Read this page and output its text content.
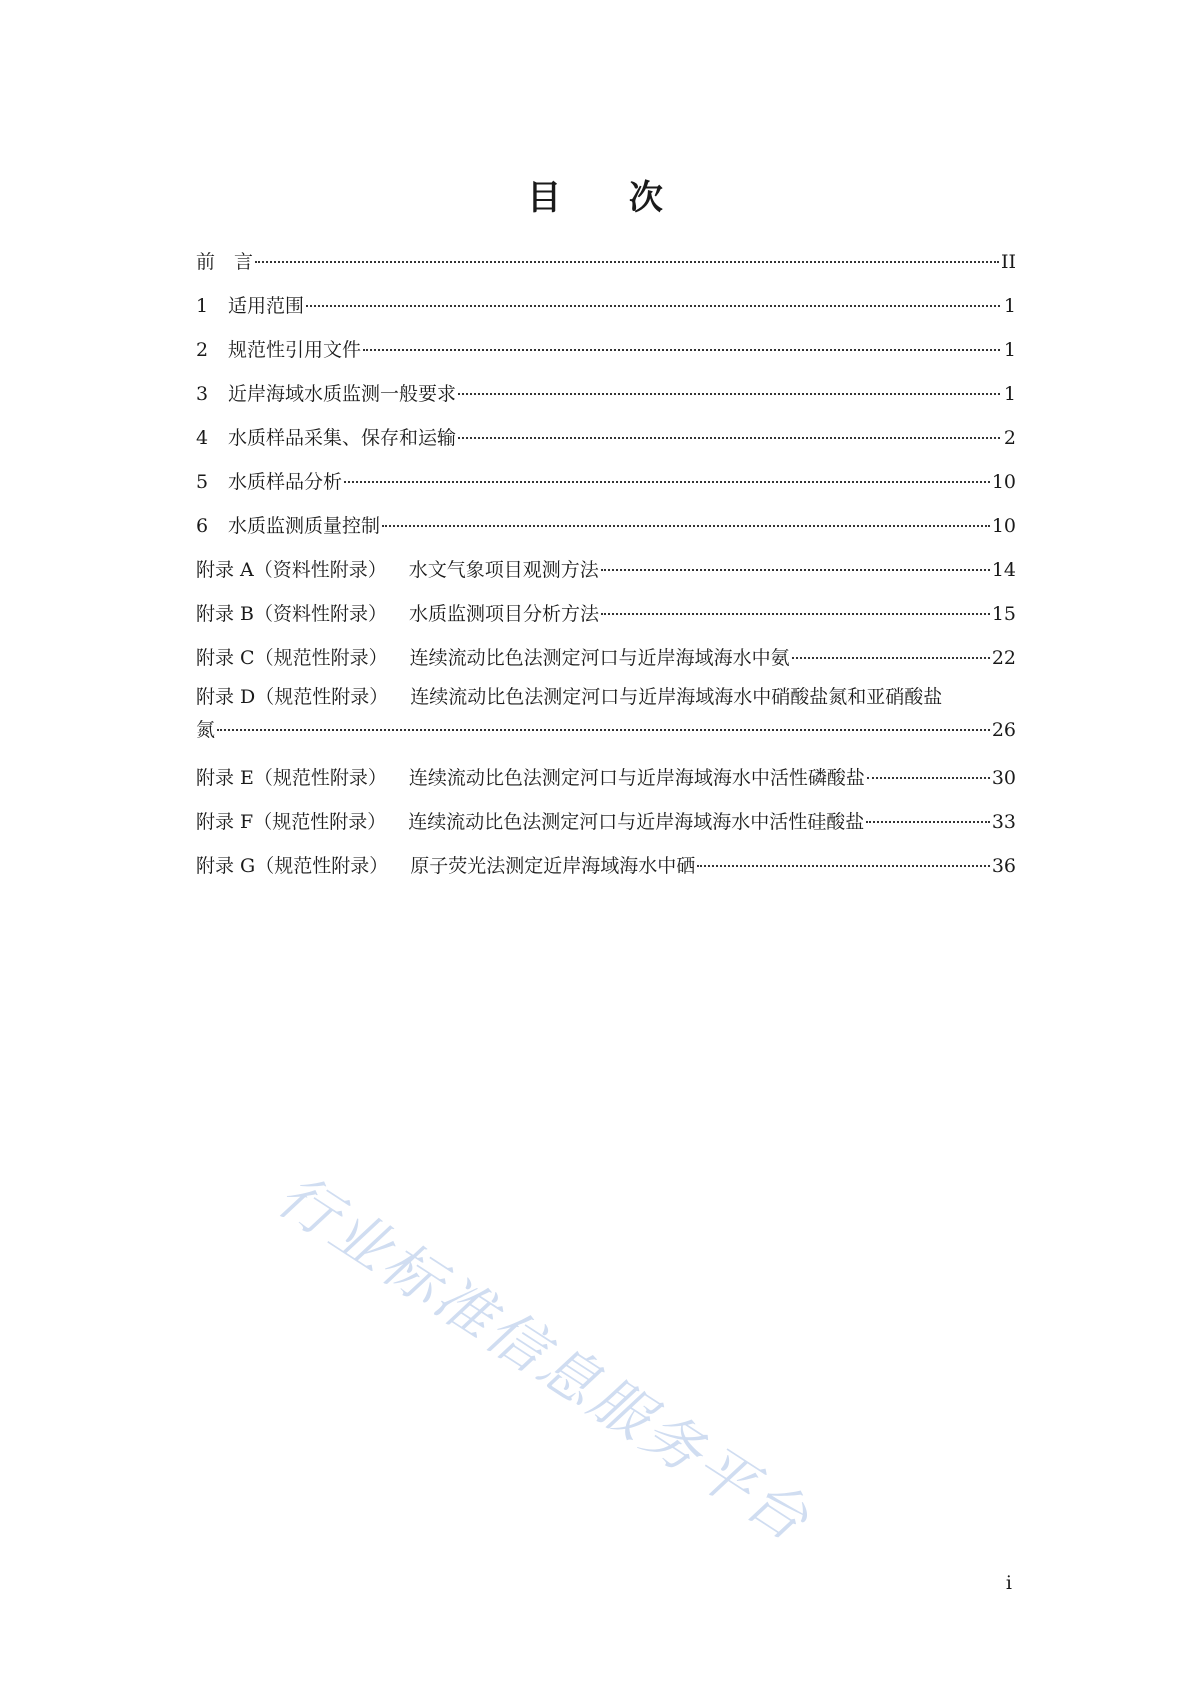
目 次
前　言	II
1	适用范围	1
2	规范性引用文件	1
3	近岸海域水质监测一般要求	1
4	水质样品采集、保存和运输	2
5	水质样品分析	10
6	水质监测质量控制	10
附录 A（资料性附录） 水文气象项目观测方法	14
附录 B（资料性附录） 水质监测项目分析方法	15
附录 C（规范性附录） 连续流动比色法测定河口与近岸海域海水中氨	22
附录 D（规范性附录） 连续流动比色法测定河口与近岸海域海水中硝酸盐氮和亚硝酸盐
氮	26
附录 E（规范性附录） 连续流动比色法测定河口与近岸海域海水中活性磷酸盐	30
附录 F（规范性附录） 连续流动比色法测定河口与近岸海域海水中活性硅酸盐	33
附录 G（规范性附录） 原子荧光法测定近岸海域海水中硒	36
行业标准信息服务平台
i
